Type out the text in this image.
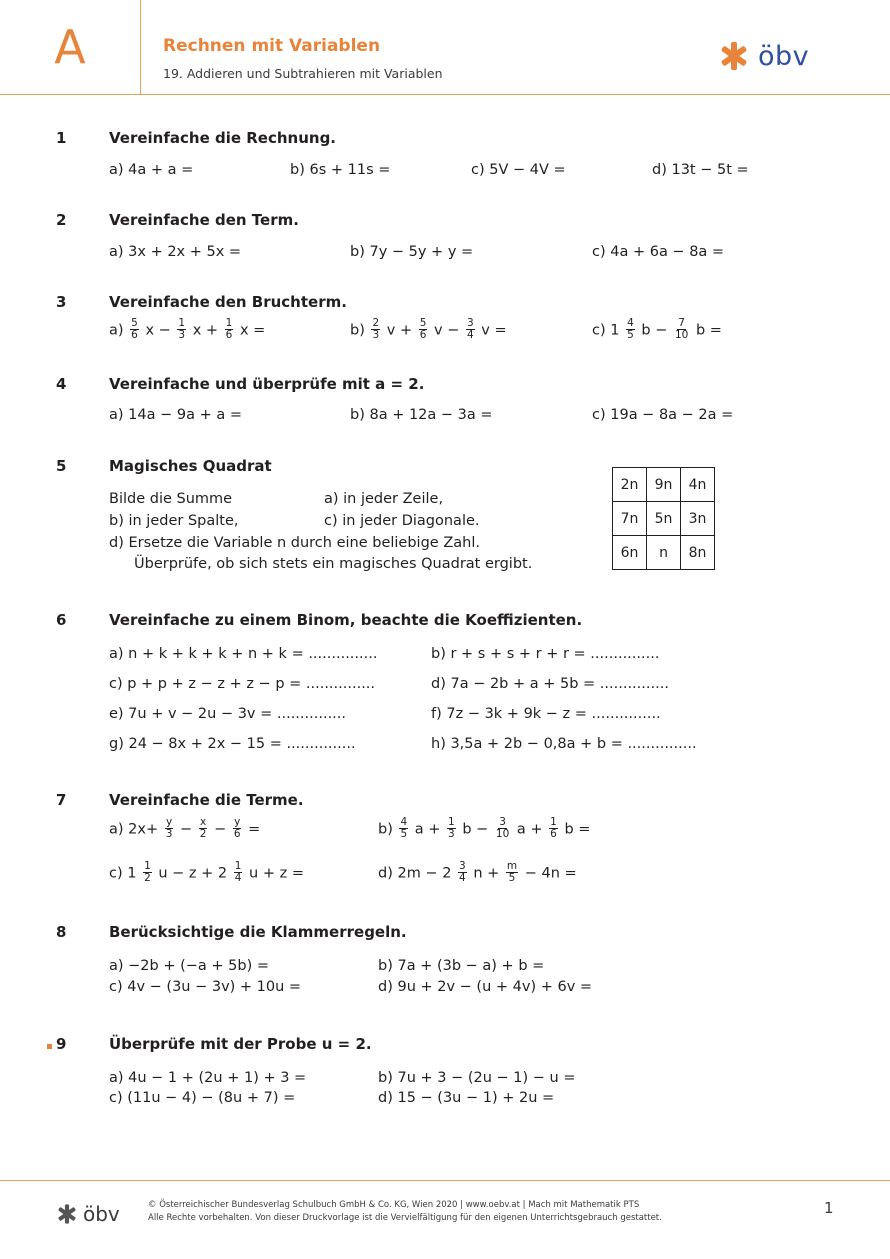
A	Rechnen mit Variablen
19. Addieren und Subtrahieren mit Variablen
öbv
1	Vereinfache die Rechnung.
a) 4a + a =	b) 6s + 11s =	c) 5V − 4V =	d) 13t − 5t =
2	Vereinfache den Term.
a) 3x + 2x + 5x =	b) 7y − 5y + y =	c) 4a + 6a − 8a =
3	Vereinfache den Bruchterm.
$a) \frac{5}{6}$ $x - \frac{1}{3}$ $x + \frac{1}{6}$ x =	$b) \frac{2}{3}$ $v + \frac{5}{6}$ $v - \frac{3}{4}$ v =	c) $1 \frac{4}{5}$ $b - \frac{7}{10}$ b =
4	Vereinfache und überprüfe mit a = 2.
a) 14a − 9a + a =	b) 8a + 12a − 3a =	c) 19a − 8a − 2a =
5	Magisches Quadrat
Bilde die Summe	a) in jeder Zeile,
b) in jeder Spalte,	c) in jeder Diagonale.
d) Ersetze die Variable n durch eine beliebige Zahl.
Überprüfe, ob sich stets ein magisches Quadrat ergibt.
2n	9n	4n
7n	5n	3n
6n	n	8n
6	Vereinfache zu einem Binom, beachte die Koeffizienten.
a) n + k + k + k + n + k = ...............	b) r + s + s + r + r = ...............
c) p + p + z − z + z − p = ...............	d) 7a − 2b + a + 5b = ...............
e) 7u + v − 2u − 3v = ...............	f) 7z − 3k + 9k − z = ...............
g) 24 − 8x + 2x − 15 = ...............	h) 3,5a + 2b − 0,8a + b = ...............
7	Vereinfache die Terme.
a) $2x+ \frac{y}{3} - \frac{x}{2} - \frac{y}{6}$ =	$b) \frac{4}{5}$ $a + \frac{1}{3}$ $b - \frac{3}{10}$ $a + \frac{1}{6}$ b =
c) $1 \frac{1}{2}$ $u - z + 2 \frac{1}{4}$ u + z =	d) $2m - 2 \frac{3}{4}$ $n + \frac{m}{5} - 4n$ =
8	Berücksichtige die Klammerregeln.
a) −2b + (−a + 5b) =	b) 7a + (3b − a) + b =
c) 4v − (3u − 3v) + 10u =	d) 9u + 2v − (u + 4v) + 6v =
9	Überprüfe mit der Probe u = 2.
a) 4u − 1 + (2u + 1) + 3 =	b) 7u + 3 − (2u − 1) − u =
c) (11u − 4) − (8u + 7) =	d) 15 − (3u − 1) + 2u =
öbv	© Österreichischer Bundesverlag Schulbuch GmbH & Co. KG, Wien 2020 | www.oebv.at | Mach mit Mathematik PTS
Alle Rechte vorbehalten. Von dieser Druckvorlage ist die Vervielfältigung für den eigenen Unterrichtsgebrauch gestattet.
1
